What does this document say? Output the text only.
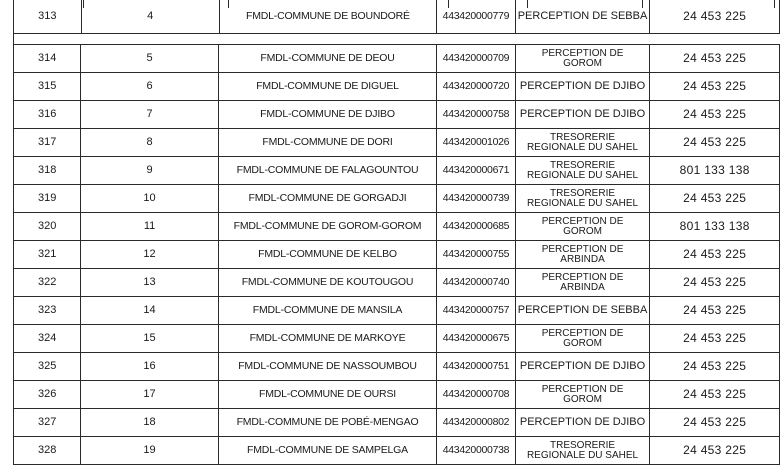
313	4	FMDL-COMMUNE DE BOUNDORÉ	443420000779	PERCEPTION DE SEBBA	24 453 225
314	5	FMDL-COMMUNE DE DEOU	443420000709	PERCEPTION DE
GOROM	24 453 225
315	6	FMDL-COMMUNE DE DIGUEL	443420000720	PERCEPTION DE DJIBO	24 453 225
316	7	FMDL-COMMUNE DE DJIBO	443420000758	PERCEPTION DE DJIBO	24 453 225
317	8	FMDL-COMMUNE DE DORI	443420001026	TRESORERIE
REGIONALE DU SAHEL	24 453 225
318	9	FMDL-COMMUNE DE FALAGOUNTOU	443420000671	TRESORERIE
REGIONALE DU SAHEL	801 133 138
319	10	FMDL-COMMUNE DE GORGADJI	443420000739	TRESORERIE
REGIONALE DU SAHEL	24 453 225
320	11	FMDL-COMMUNE DE GOROM-GOROM	443420000685	PERCEPTION DE
GOROM	801 133 138
321	12	FMDL-COMMUNE DE KELBO	443420000755	PERCEPTION DE
ARBINDA	24 453 225
322	13	FMDL-COMMUNE DE KOUTOUGOU	443420000740	PERCEPTION DE
ARBINDA	24 453 225
323	14	FMDL-COMMUNE DE MANSILA	443420000757	PERCEPTION DE SEBBA	24 453 225
324	15	FMDL-COMMUNE DE MARKOYE	443420000675	PERCEPTION DE
GOROM	24 453 225
325	16	FMDL-COMMUNE DE NASSOUMBOU	443420000751	PERCEPTION DE DJIBO	24 453 225
326	17	FMDL-COMMUNE DE OURSI	443420000708	PERCEPTION DE
GOROM	24 453 225
327	18	FMDL-COMMUNE DE POBÉ-MENGAO	443420000802	PERCEPTION DE DJIBO	24 453 225
328	19	FMDL-COMMUNE DE SAMPELGA	443420000738	TRESORERIE
REGIONALE DU SAHEL	24 453 225
